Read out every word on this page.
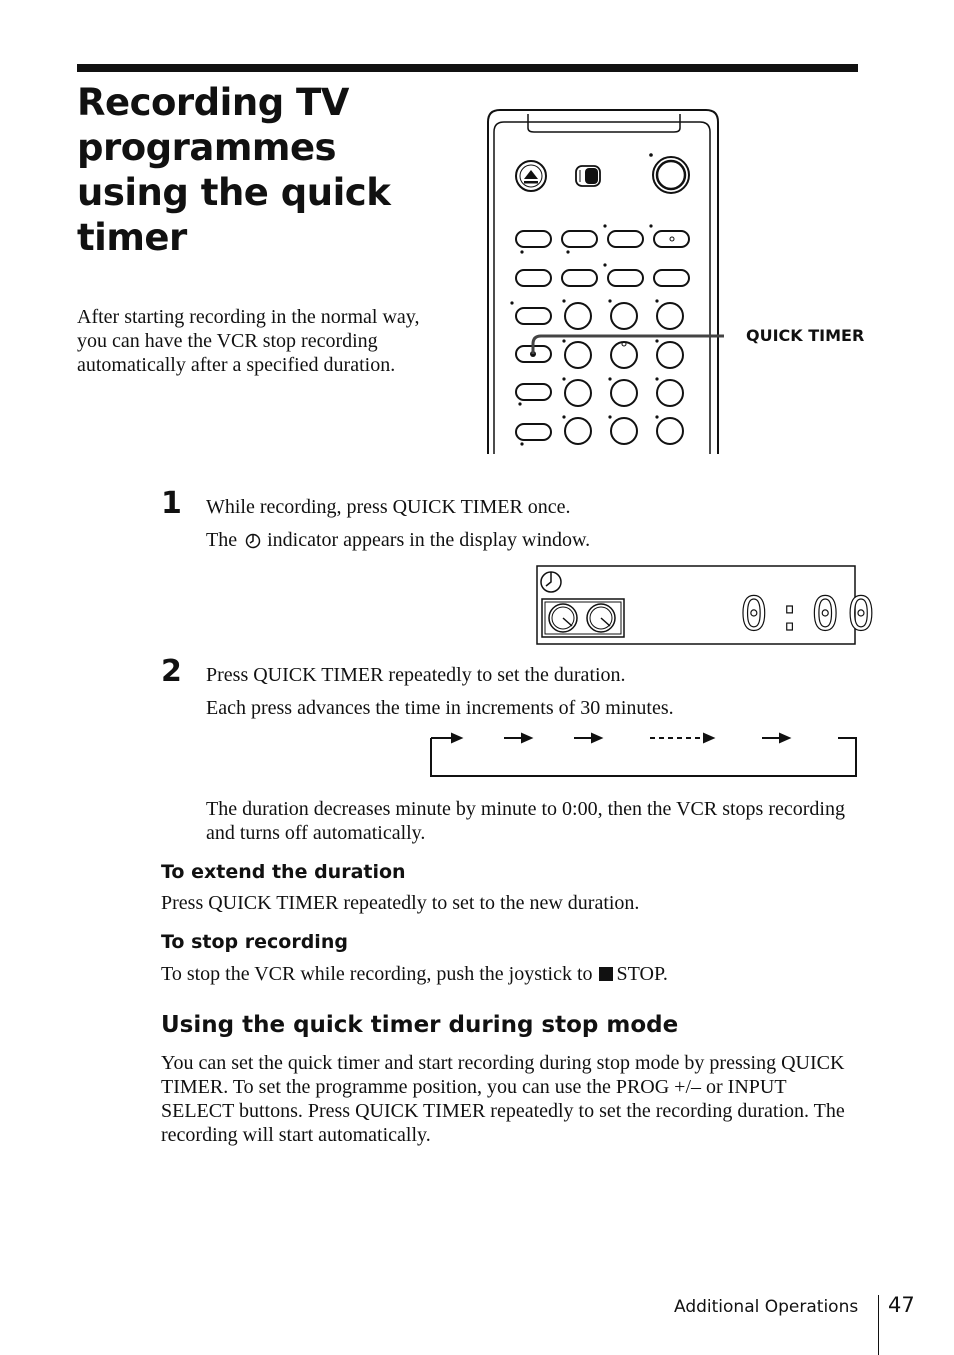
Recording TV programmes using the quick timer
After starting recording in the normal way, you can have the VCR stop recording automatically after a specified duration.
QUICK TIMER
1 While recording, press QUICK TIMER once.
The indicator appears in the display window.
0:00
2 Press QUICK TIMER repeatedly to set the duration.
Each press advances the time in increments of 30 minutes.
The duration decreases minute by minute to 0:00, then the VCR stops recording and turns off automatically.
To extend the duration
Press QUICK TIMER repeatedly to set to the new duration.
To stop recording
To stop the VCR while recording, push the joystick to STOP.
Using the quick timer during stop mode
You can set the quick timer and start recording during stop mode by pressing QUICK TIMER. To set the programme position, you can use the PROG +/– or INPUT SELECT buttons. Press QUICK TIMER repeatedly to set the recording duration. The recording will start automatically.
Additional Operations 47
